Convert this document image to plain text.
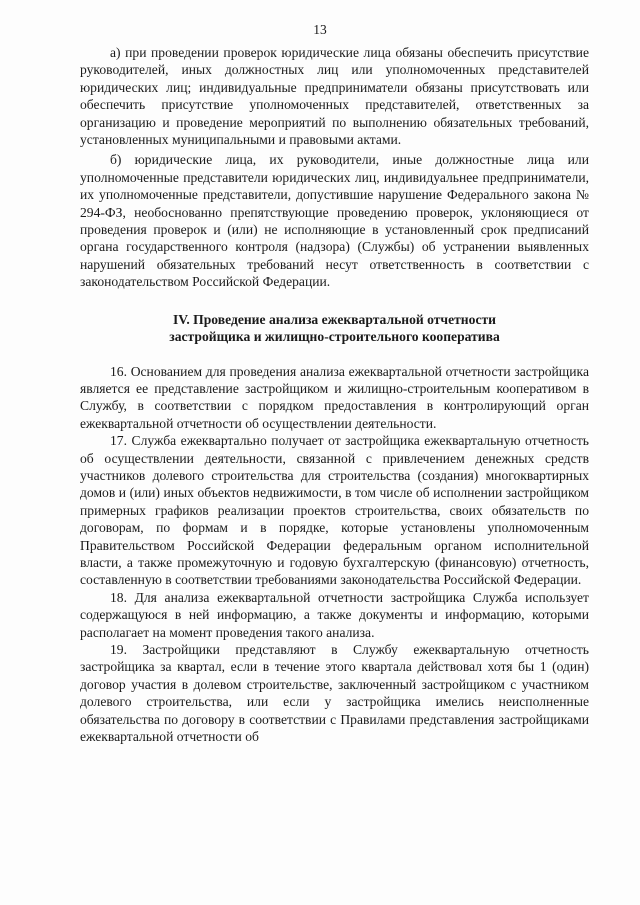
13

а) при проведении проверок юридические лица обязаны обеспечить присутствие руководителей, иных должностных лиц или уполномоченных представителей юридических лиц; индивидуальные предприниматели обязаны присутствовать или обеспечить присутствие уполномоченных представителей, ответственных за организацию и проведение мероприятий по выполнению обязательных требований, установленных муниципальными и правовыми актами.

б) юридические лица, их руководители, иные должностные лица или уполномоченные представители юридических лиц, индивидуальнее предприниматели, их уполномоченные представители, допустившие нарушение Федерального закона № 294-ФЗ, необоснованно препятствующие проведению проверок, уклоняющиеся от проведения проверок и (или) не исполняющие в установленный срок предписаний органа государственного контроля (надзора) (Службы) об устранении выявленных нарушений обязательных требований несут ответственность в соответствии с законодательством Российской Федерации.

IV. Проведение анализа ежеквартальной отчетности
застройщика и жилищно-строительного кооператива

16. Основанием для проведения анализа ежеквартальной отчетности застройщика является ее представление застройщиком и жилищно-строительным кооперативом в Службу, в соответствии с порядком предоставления в контролирующий орган ежеквартальной отчетности об осуществлении деятельности.

17. Служба ежеквартально получает от застройщика ежеквартальную отчетность об осуществлении деятельности, связанной с привлечением денежных средств участников долевого строительства для строительства (создания) многоквартирных домов и (или) иных объектов недвижимости, в том числе об исполнении застройщиком примерных графиков реализации проектов строительства, своих обязательств по договорам, по формам и в порядке, которые установлены уполномоченным Правительством Российской Федерации федеральным органом исполнительной власти, а также промежуточную и годовую бухгалтерскую (финансовую) отчетность, составленную в соответствии требованиями законодательства Российской Федерации.

18. Для анализа ежеквартальной отчетности застройщика Служба использует содержащуюся в ней информацию, а также документы и информацию, которыми располагает на момент проведения такого анализа.

19. Застройщики представляют в Службу ежеквартальную отчетность застройщика за квартал, если в течение этого квартала действовал хотя бы 1 (один) договор участия в долевом строительстве, заключенный застройщиком с участником долевого строительства, или если у застройщика имелись неисполненные обязательства по договору в соответствии с Правилами представления застройщиками ежеквартальной отчетности об
